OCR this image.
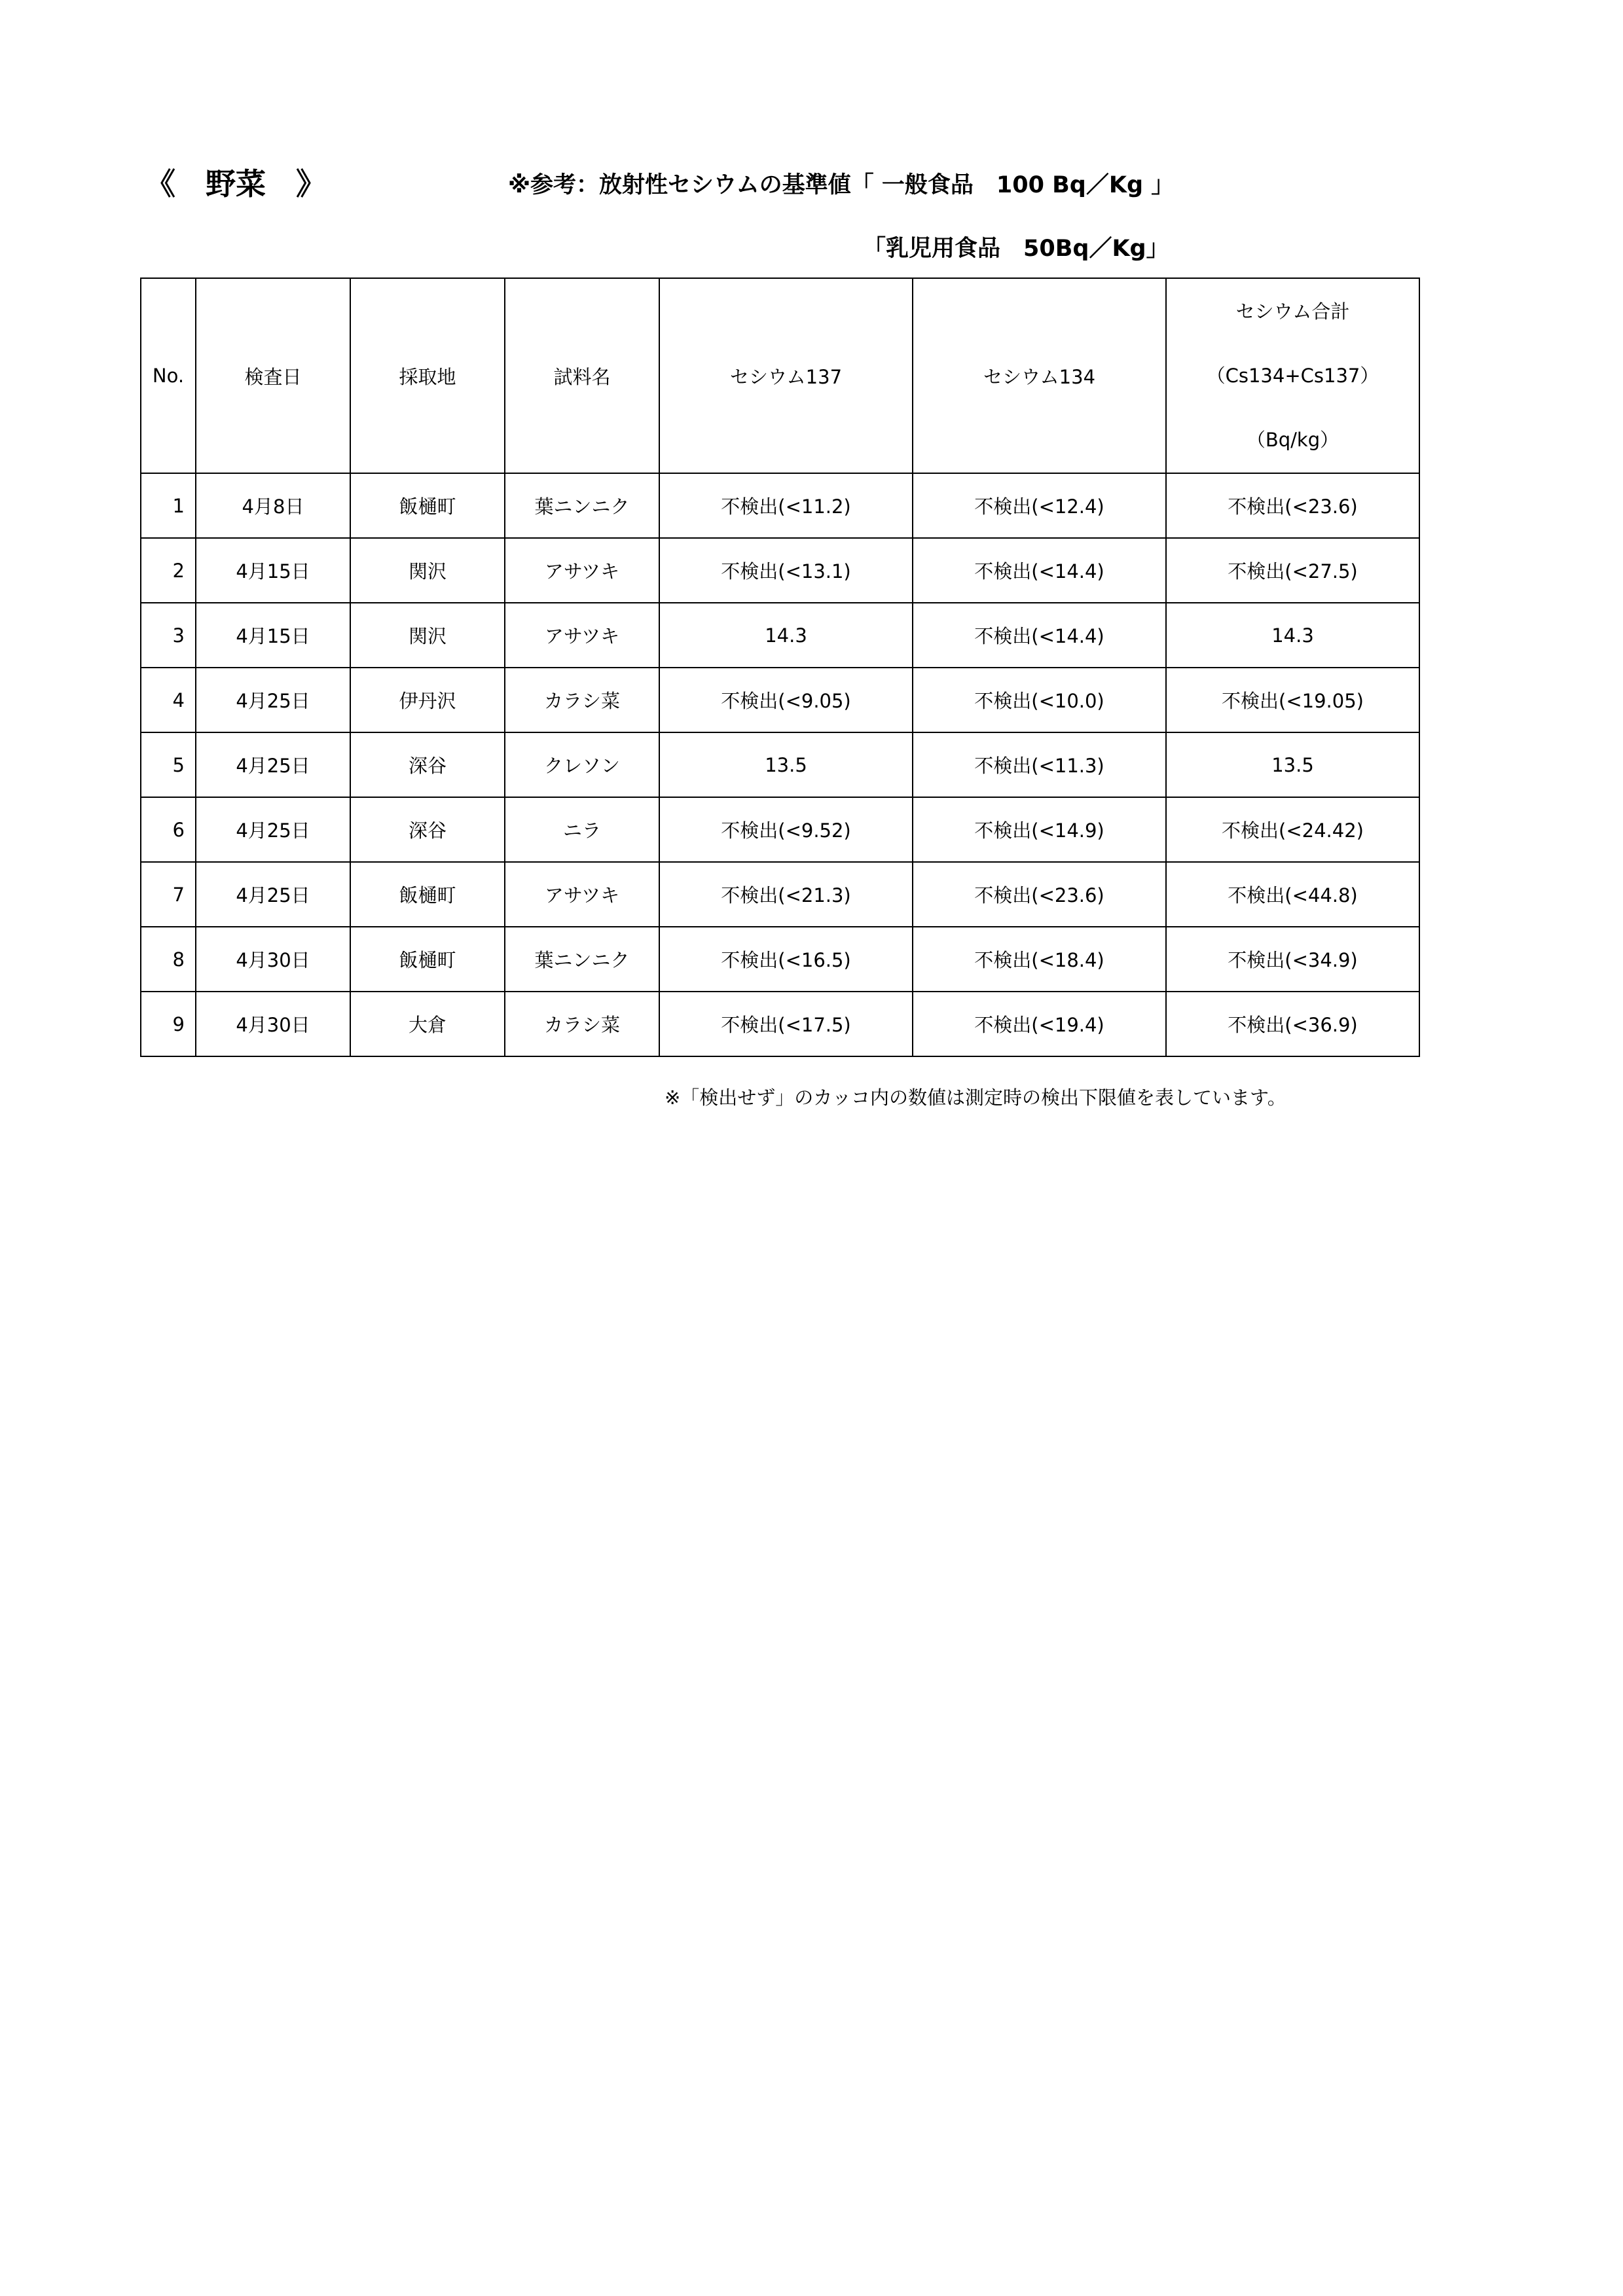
《　野菜　》	※参考：放射性セシウムの基準値「 一般食品　100 Bq／Kg 」
「乳児用食品　50Bq／Kg」
No.	検査日	採取地	試料名	セシウム137	セシウム134	セシウム合計
（Cs134+Cs137）
（Bq/kg）

1	4月8日	飯樋町	葉ニンニク	不検出(<11.2)	不検出(<12.4)	不検出(<23.6)
2	4月15日	関沢	アサツキ	不検出(<13.1)	不検出(<14.4)	不検出(<27.5)
3	4月15日	関沢	アサツキ	14.3	不検出(<14.4)	14.3
4	4月25日	伊丹沢	カラシ菜	不検出(<9.05)	不検出(<10.0)	不検出(<19.05)
5	4月25日	深谷	クレソン	13.5	不検出(<11.3)	13.5
6	4月25日	深谷	ニラ	不検出(<9.52)	不検出(<14.9)	不検出(<24.42)
7	4月25日	飯樋町	アサツキ	不検出(<21.3)	不検出(<23.6)	不検出(<44.8)
8	4月30日	飯樋町	葉ニンニク	不検出(<16.5)	不検出(<18.4)	不検出(<34.9)
9	4月30日	大倉	カラシ菜	不検出(<17.5)	不検出(<19.4)	不検出(<36.9)
※「検出せず」のカッコ内の数値は測定時の検出下限値を表しています。
